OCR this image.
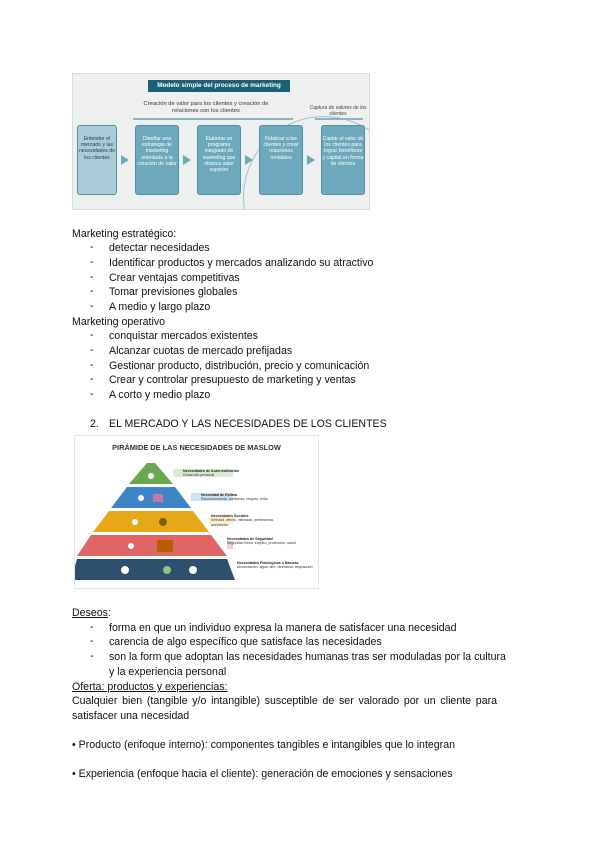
Modelo simple del proceso de marketing
Creación de valor para los clientes y creación de relaciones con los clientes	Captura de valores de los clientes
Entender el mercado y las necesidades de los clientes
Diseñar una estrategia de marketing orientada a la creación de valor
Elaborar un programa integrado de marketing que ofrezca valor superior
Fidelizar a los clientes y crear relaciones rentables
Captar el valor de los clientes para lograr beneficios y capital en forma de clientes
Marketing estratégico:
- detectar necesidades
- Identificar productos y mercados analizando su atractivo
- Crear ventajas competitivas
- Tomar previsiones globales
- A medio y largo plazo
Marketing operativo
- conquistar mercados existentes
- Alcanzar cuotas de mercado prefijadas
- Gestionar producto, distribución, precio y comunicación
- Crear y controlar presupuesto de marketing y ventas
- A corto y medio plazo
2. EL MERCADO Y LAS NECESIDADES DE LOS CLIENTES
PIRÁMIDE DE LAS NECESIDADES DE MASLOW
E
D
C
B
A
Necesidades de Autorrealización
Desarrollo personal
Necesidad de Estima
Reconocimiento, confianza, respeto, éxito
Necesidades Sociales
Amistad, afecto, intimidad, pertenencia, aceptación
Necesidades de Seguridad
Seguridad física, empleo, protección, salud
Necesidades Fisiológicas o Básicas
Alimentación, agua, aire, descanso, respiración
Deseos:
- forma en que un individuo expresa la manera de satisfacer una necesidad
- carencia de algo específico que satisface las necesidades
- son la form que adoptan las necesidades humanas tras ser moduladas por la cultura
y la experiencia personal
Oferta: productos y experiencias:
Cualquier bien (tangible y/o intangible) susceptible de ser valorado por un cliente para
satisfacer una necesidad
• Producto (enfoque interno): componentes tangibles e intangibles que lo integran
• Experiencia (enfoque hacia el cliente): generación de emociones y sensaciones
